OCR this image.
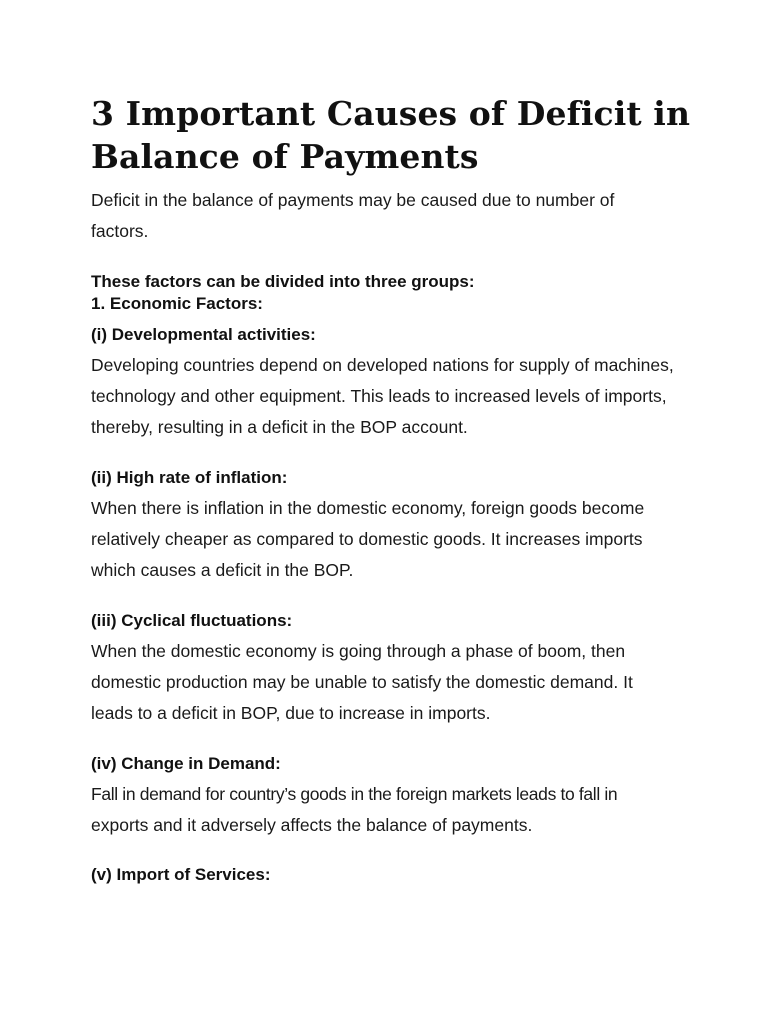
3 Important Causes of Deficit in Balance of Payments

Deficit in the balance of payments may be caused due to number of
factors.

These factors can be divided into three groups:

1. Economic Factors:

(i) Developmental activities:

Developing countries depend on developed nations for supply of machines,
technology and other equipment. This leads to increased levels of imports,
thereby, resulting in a deficit in the BOP account.

(ii) High rate of inflation:

When there is inflation in the domestic economy, foreign goods become
relatively cheaper as compared to domestic goods. It increases imports
which causes a deficit in the BOP.

(iii) Cyclical fluctuations:

When the domestic economy is going through a phase of boom, then
domestic production may be unable to satisfy the domestic demand. It
leads to a deficit in BOP, due to increase in imports.

(iv) Change in Demand:

Fall in demand for country’s goods in the foreign markets leads to fall in
exports and it adversely affects the balance of payments.

(v) Import of Services:
